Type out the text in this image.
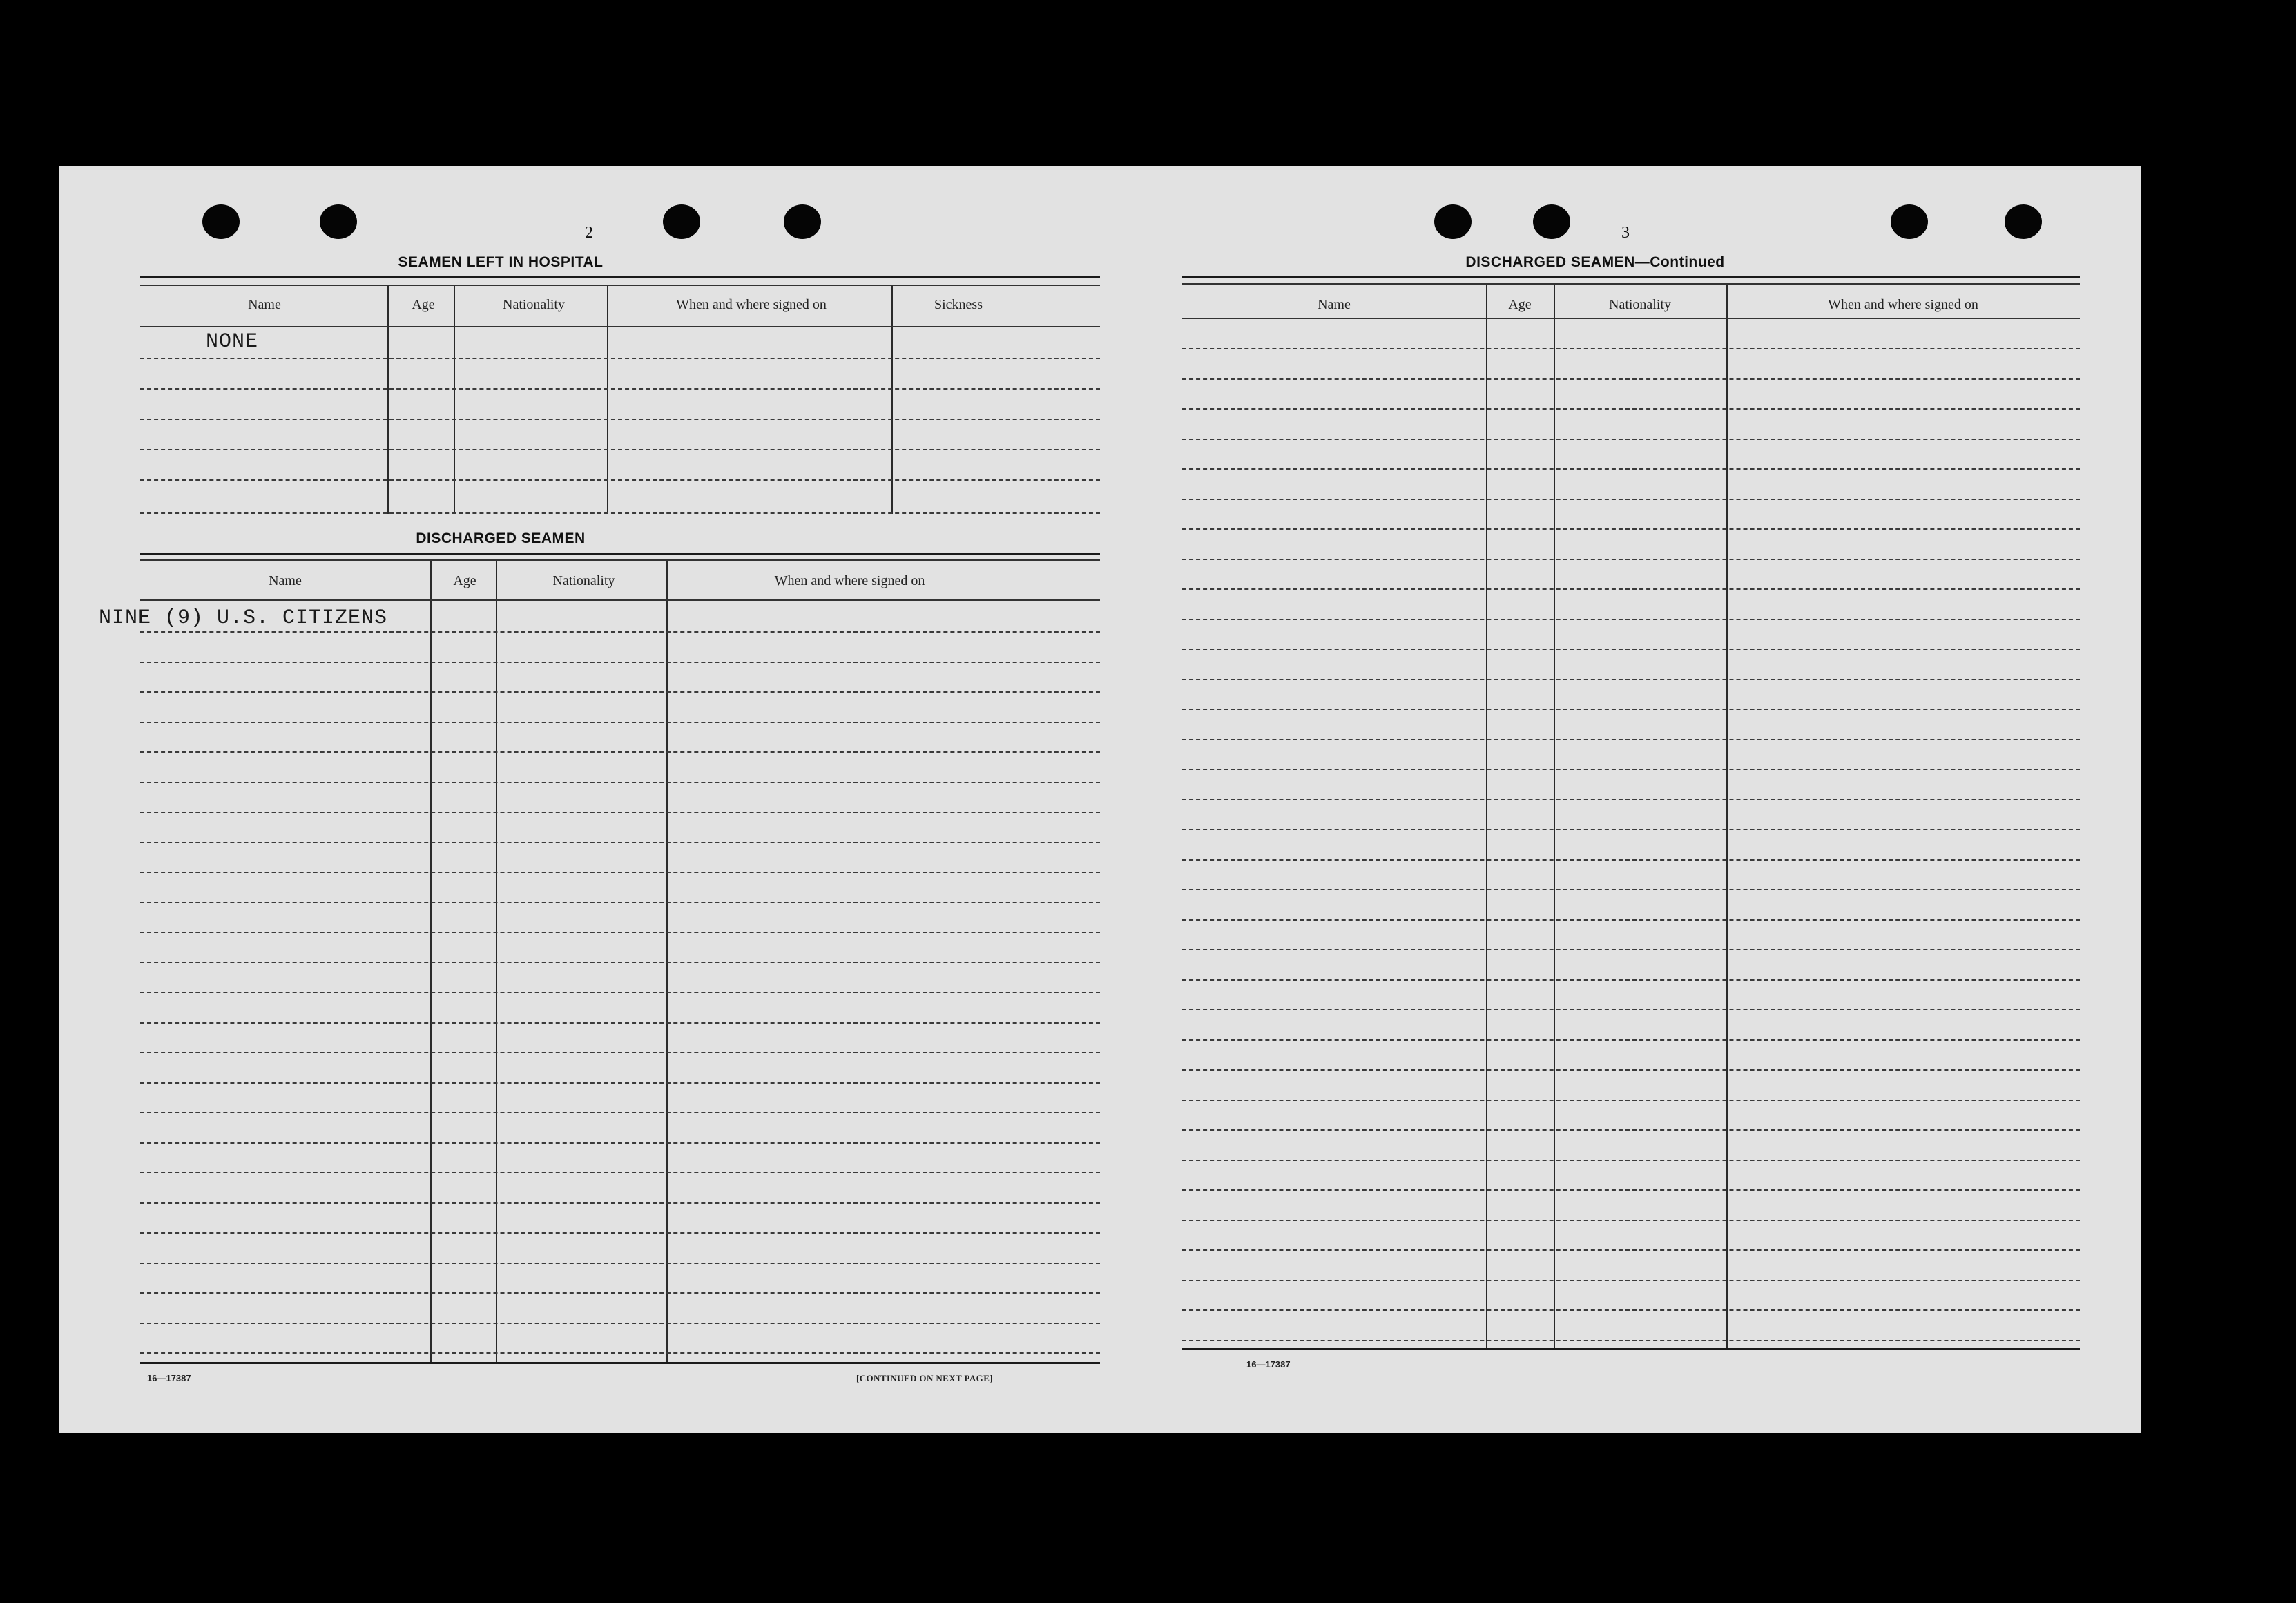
2
SEAMEN LEFT IN HOSPITAL
Name	Age	Nationality	When and where signed on	Sickness
NONE
DISCHARGED SEAMEN
Name	Age	Nationality	When and where signed on
NINE (9) U.S. CITIZENS
16—17387	[CONTINUED ON NEXT PAGE]
3
DISCHARGED SEAMEN—Continued
Name	Age	Nationality	When and where signed on
16—17387
